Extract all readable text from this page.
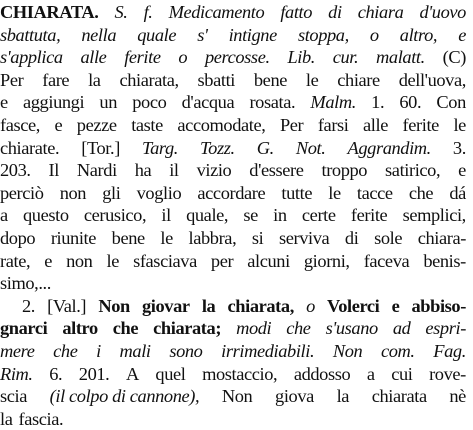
CHIARATA. S. f. Medicamento fatto di chiara d'uovo
sbattuta, nella quale s' intigne stoppa, o altro, e
s'applica alle ferite o percosse. Lib. cur. malatt. (C)
Per fare la chiarata, sbatti bene le chiare dell'uova,
e aggiungi un poco d'acqua rosata. Malm. 1. 60. Con
fasce, e pezze taste accomodate, Per farsi alle ferite le
chiarate. [Tor.] Targ. Tozz. G. Not. Aggrandim. 3.
203. Il Nardi ha il vizio d'essere troppo satirico, e
perciò non gli voglio accordare tutte le tacce che dá
a questo cerusico, il quale, se in certe ferite semplici,
dopo riunite bene le labbra, si serviva di sole chiara-
rate, e non le sfasciava per alcuni giorni, faceva benis-
simo,...
2. [Val.] Non giovar la chiarata, o Volerci e abbiso-
gnarci altro che chiarata; modi che s'usano ad espri-
mere che i mali sono irrimediabili. Non com. Fag.
Rim. 6. 201. A quel mostaccio, addosso a cui rove-
scia (il colpo di cannone), Non giova la chiarata nè
la fascia.
